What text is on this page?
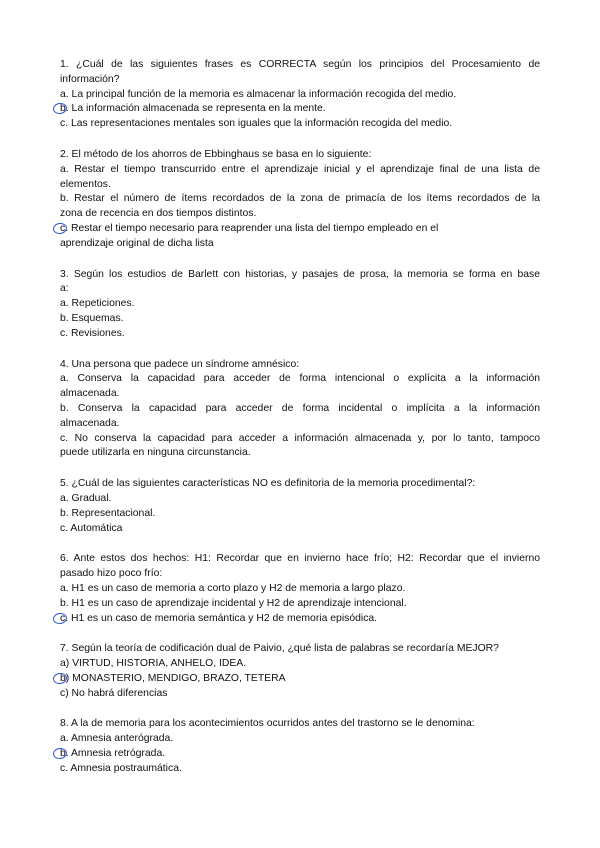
1. ¿Cuál de las siguientes frases es CORRECTA según los principios del Procesamiento de
información?
a. La principal función de la memoria es almacenar la información recogida del medio.
b. La información almacenada se representa en la mente.
c. Las representaciones mentales son iguales que la información recogida del medio.
2. El método de los ahorros de Ebbinghaus se basa en lo siguiente:
a. Restar el tiempo transcurrido entre el aprendizaje inicial y el aprendizaje final de una lista de
elementos.
b. Restar el número de ítems recordados de la zona de primacía de los ítems recordados de la
zona de recencia en dos tiempos distintos.
c. Restar el tiempo necesario para reaprender una lista del tiempo empleado en el
aprendizaje original de dicha lista
3. Según los estudios de Barlett con historias, y pasajes de prosa, la memoria se forma en base
a:
a. Repeticiones.
b. Esquemas.
c. Revisiones.
4. Una persona que padece un síndrome amnésico:
a. Conserva la capacidad para acceder de forma intencional o explícita a la información
almacenada.
b. Conserva la capacidad para acceder de forma incidental o implícita a la información
almacenada.
c. No conserva la capacidad para acceder a información almacenada y, por lo tanto, tampoco
puede utilizarla en ninguna circunstancia.
5. ¿Cuál de las siguientes características NO es definitoria de la memoria procedimental?:
a. Gradual.
b. Representacional.
c. Automática
6. Ante estos dos hechos: H1: Recordar que en invierno hace frío; H2: Recordar que el invierno
pasado hizo poco frío:
a. H1 es un caso de memoria a corto plazo y H2 de memoria a largo plazo.
b. H1 es un caso de aprendizaje incidental y H2 de aprendizaje intencional.
c. H1 es un caso de memoria semántica y H2 de memoria episódica.
7. Según la teoría de codificación dual de Paivio, ¿qué lista de palabras se recordaría MEJOR?
a) VIRTUD, HISTORIA, ANHELO, IDEA.
b) MONASTERIO, MENDIGO, BRAZO, TETERA
c) No habrá diferencias
8. A la de memoria para los acontecimientos ocurridos antes del trastorno se le denomina:
a. Amnesia anterógrada.
b. Amnesia retrógrada.
c. Amnesia postraumática.
